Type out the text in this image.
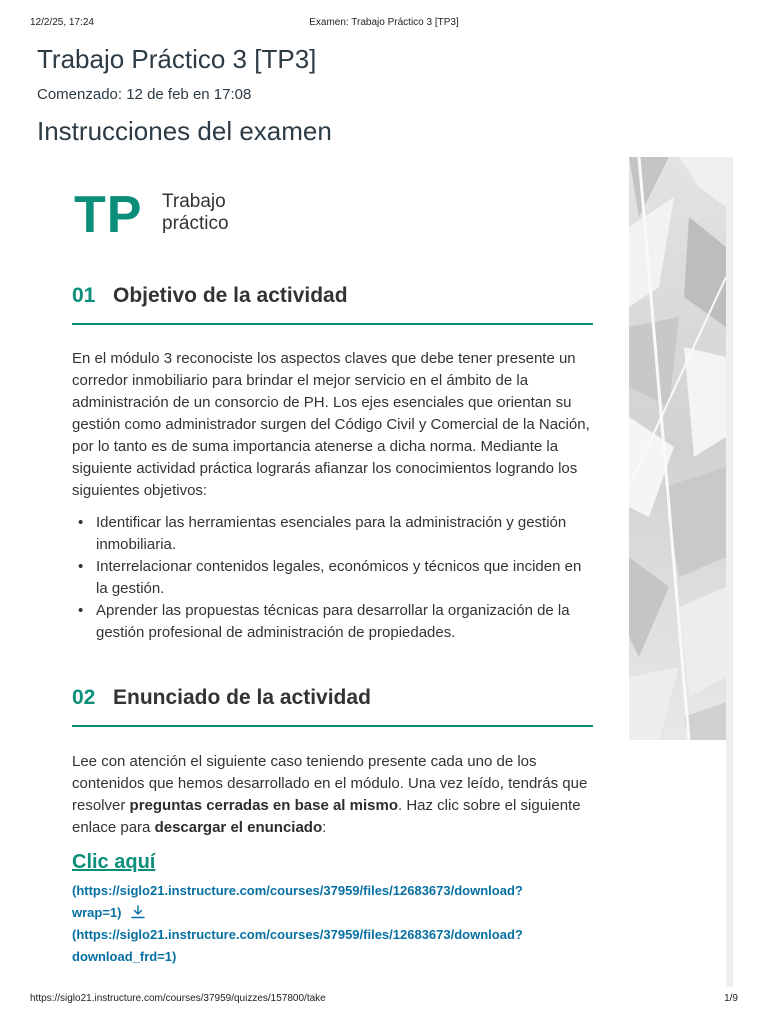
12/2/25, 17:24	Examen: Trabajo Práctico 3 [TP3]
Trabajo Práctico 3 [TP3]
Comenzado: 12 de feb en 17:08
Instrucciones del examen
TP Trabajo
práctico
01 Objetivo de la actividad

En el módulo 3 reconociste los aspectos claves que debe tener presente un corredor inmobiliario para brindar el mejor servicio en el ámbito de la administración de un consorcio de PH. Los ejes esenciales que orientan su gestión como administrador surgen del Código Civil y Comercial de la Nación, por lo tanto es de suma importancia atenerse a dicha norma. Mediante la siguiente actividad práctica lograrás afianzar los conocimientos logrando los siguientes objetivos:

• Identificar las herramientas esenciales para la administración y gestión inmobiliaria.
• Interrelacionar contenidos legales, económicos y técnicos que inciden en la gestión.
• Aprender las propuestas técnicas para desarrollar la organización de la gestión profesional de administración de propiedades.
02 Enunciado de la actividad

Lee con atención el siguiente caso teniendo presente cada uno de los contenidos que hemos desarrollado en el módulo. Una vez leído, tendrás que resolver preguntas cerradas en base al mismo. Haz clic sobre el siguiente enlace para descargar el enunciado:

Clic aquí
(https://siglo21.instructure.com/courses/37959/files/12683673/download?
wrap=1)
(https://siglo21.instructure.com/courses/37959/files/12683673/download?
download_frd=1)
https://siglo21.instructure.com/courses/37959/quizzes/157800/take	1/9
